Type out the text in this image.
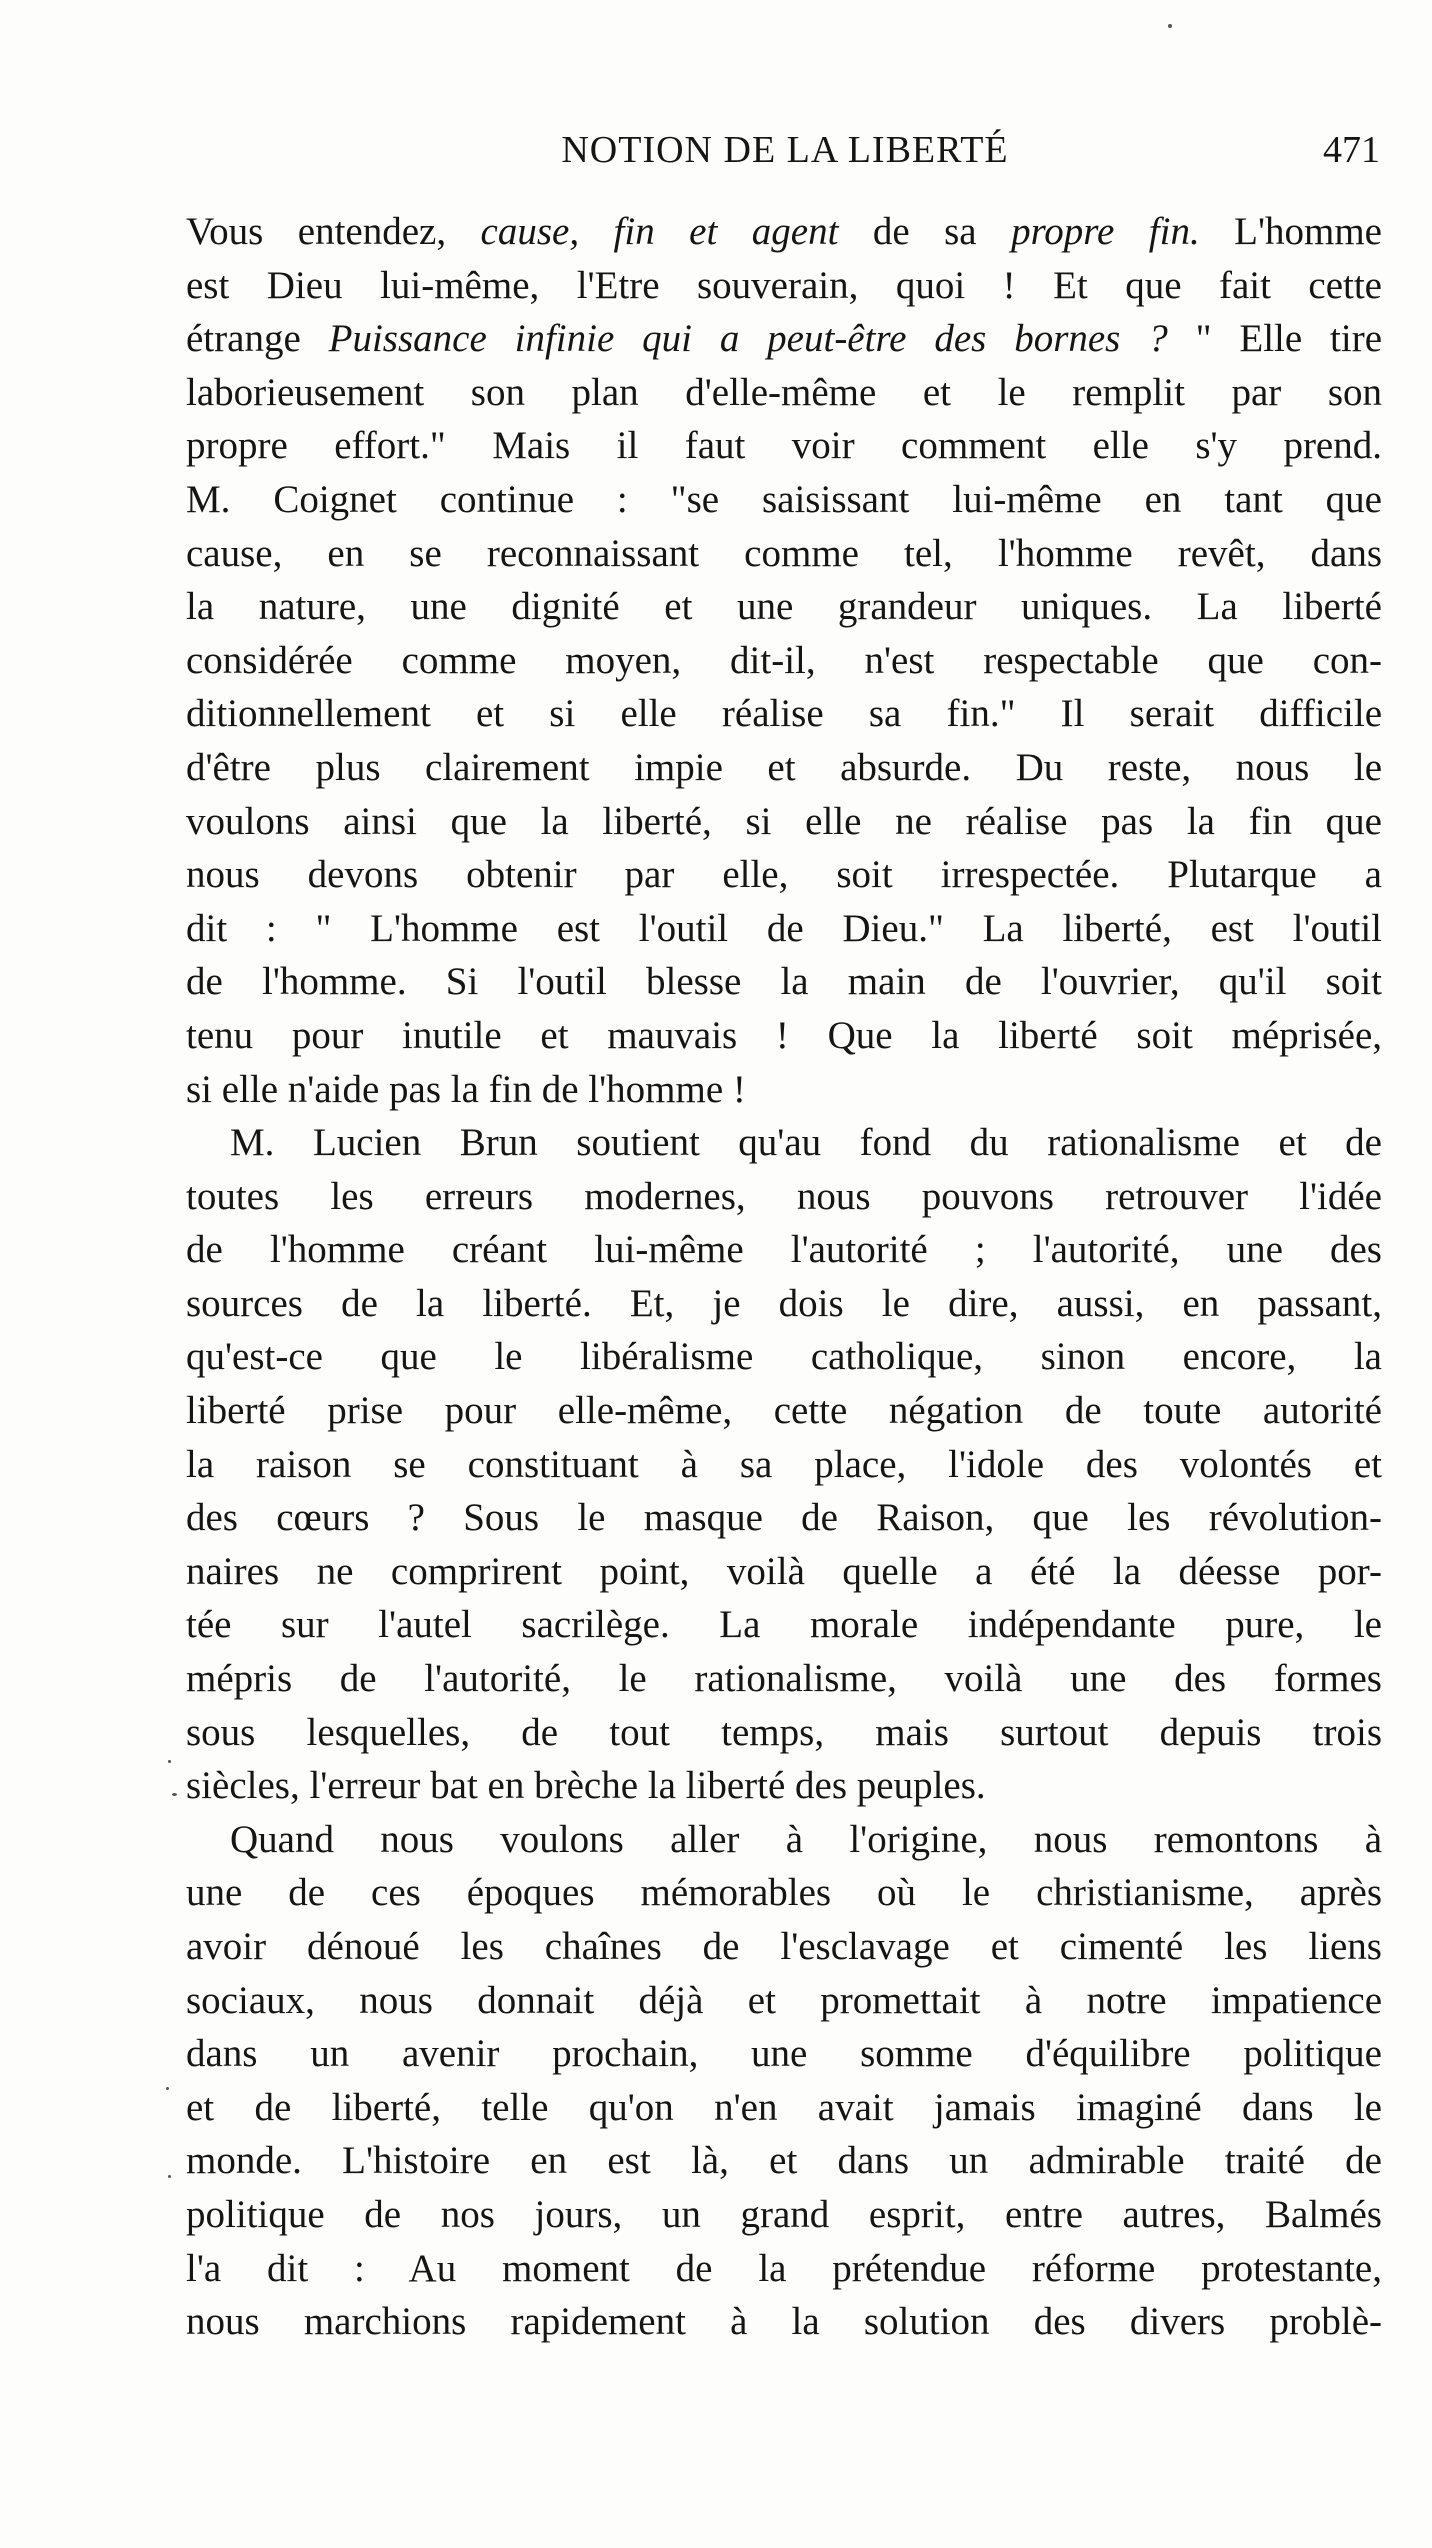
NOTION DE LA LIBERTÉ	471
Vous entendez, cause, fin et agent de sa propre fin. L'homme
est Dieu lui-même, l'Etre souverain, quoi ! Et que fait cette
étrange Puissance infinie qui a peut-être des bornes ? " Elle tire
laborieusement son plan d'elle-même et le remplit par son
propre effort." Mais il faut voir comment elle s'y prend.
M. Coignet continue : "se saisissant lui-même en tant que
cause, en se reconnaissant comme tel, l'homme revêt, dans
la nature, une dignité et une grandeur uniques. La liberté
considérée comme moyen, dit-il, n'est respectable que con-
ditionnellement et si elle réalise sa fin." Il serait difficile
d'être plus clairement impie et absurde. Du reste, nous le
voulons ainsi que la liberté, si elle ne réalise pas la fin que
nous devons obtenir par elle, soit irrespectée. Plutarque a
dit : " L'homme est l'outil de Dieu." La liberté, est l'outil
de l'homme. Si l'outil blesse la main de l'ouvrier, qu'il soit
tenu pour inutile et mauvais ! Que la liberté soit méprisée,
si elle n'aide pas la fin de l'homme !
M. Lucien Brun soutient qu'au fond du rationalisme et de
toutes les erreurs modernes, nous pouvons retrouver l'idée
de l'homme créant lui-même l'autorité ; l'autorité, une des
sources de la liberté. Et, je dois le dire, aussi, en passant,
qu'est-ce que le libéralisme catholique, sinon encore, la
liberté prise pour elle-même, cette négation de toute autorité
la raison se constituant à sa place, l'idole des volontés et
des cœurs ? Sous le masque de Raison, que les révolution-
naires ne comprirent point, voilà quelle a été la déesse por-
tée sur l'autel sacrilège. La morale indépendante pure, le
mépris de l'autorité, le rationalisme, voilà une des formes
sous lesquelles, de tout temps, mais surtout depuis trois
siècles, l'erreur bat en brèche la liberté des peuples.
Quand nous voulons aller à l'origine, nous remontons à
une de ces époques mémorables où le christianisme, après
avoir dénoué les chaînes de l'esclavage et cimenté les liens
sociaux, nous donnait déjà et promettait à notre impatience
dans un avenir prochain, une somme d'équilibre politique
et de liberté, telle qu'on n'en avait jamais imaginé dans le
monde. L'histoire en est là, et dans un admirable traité de
politique de nos jours, un grand esprit, entre autres, Balmés
l'a dit : Au moment de la prétendue réforme protestante,
nous marchions rapidement à la solution des divers problè-
